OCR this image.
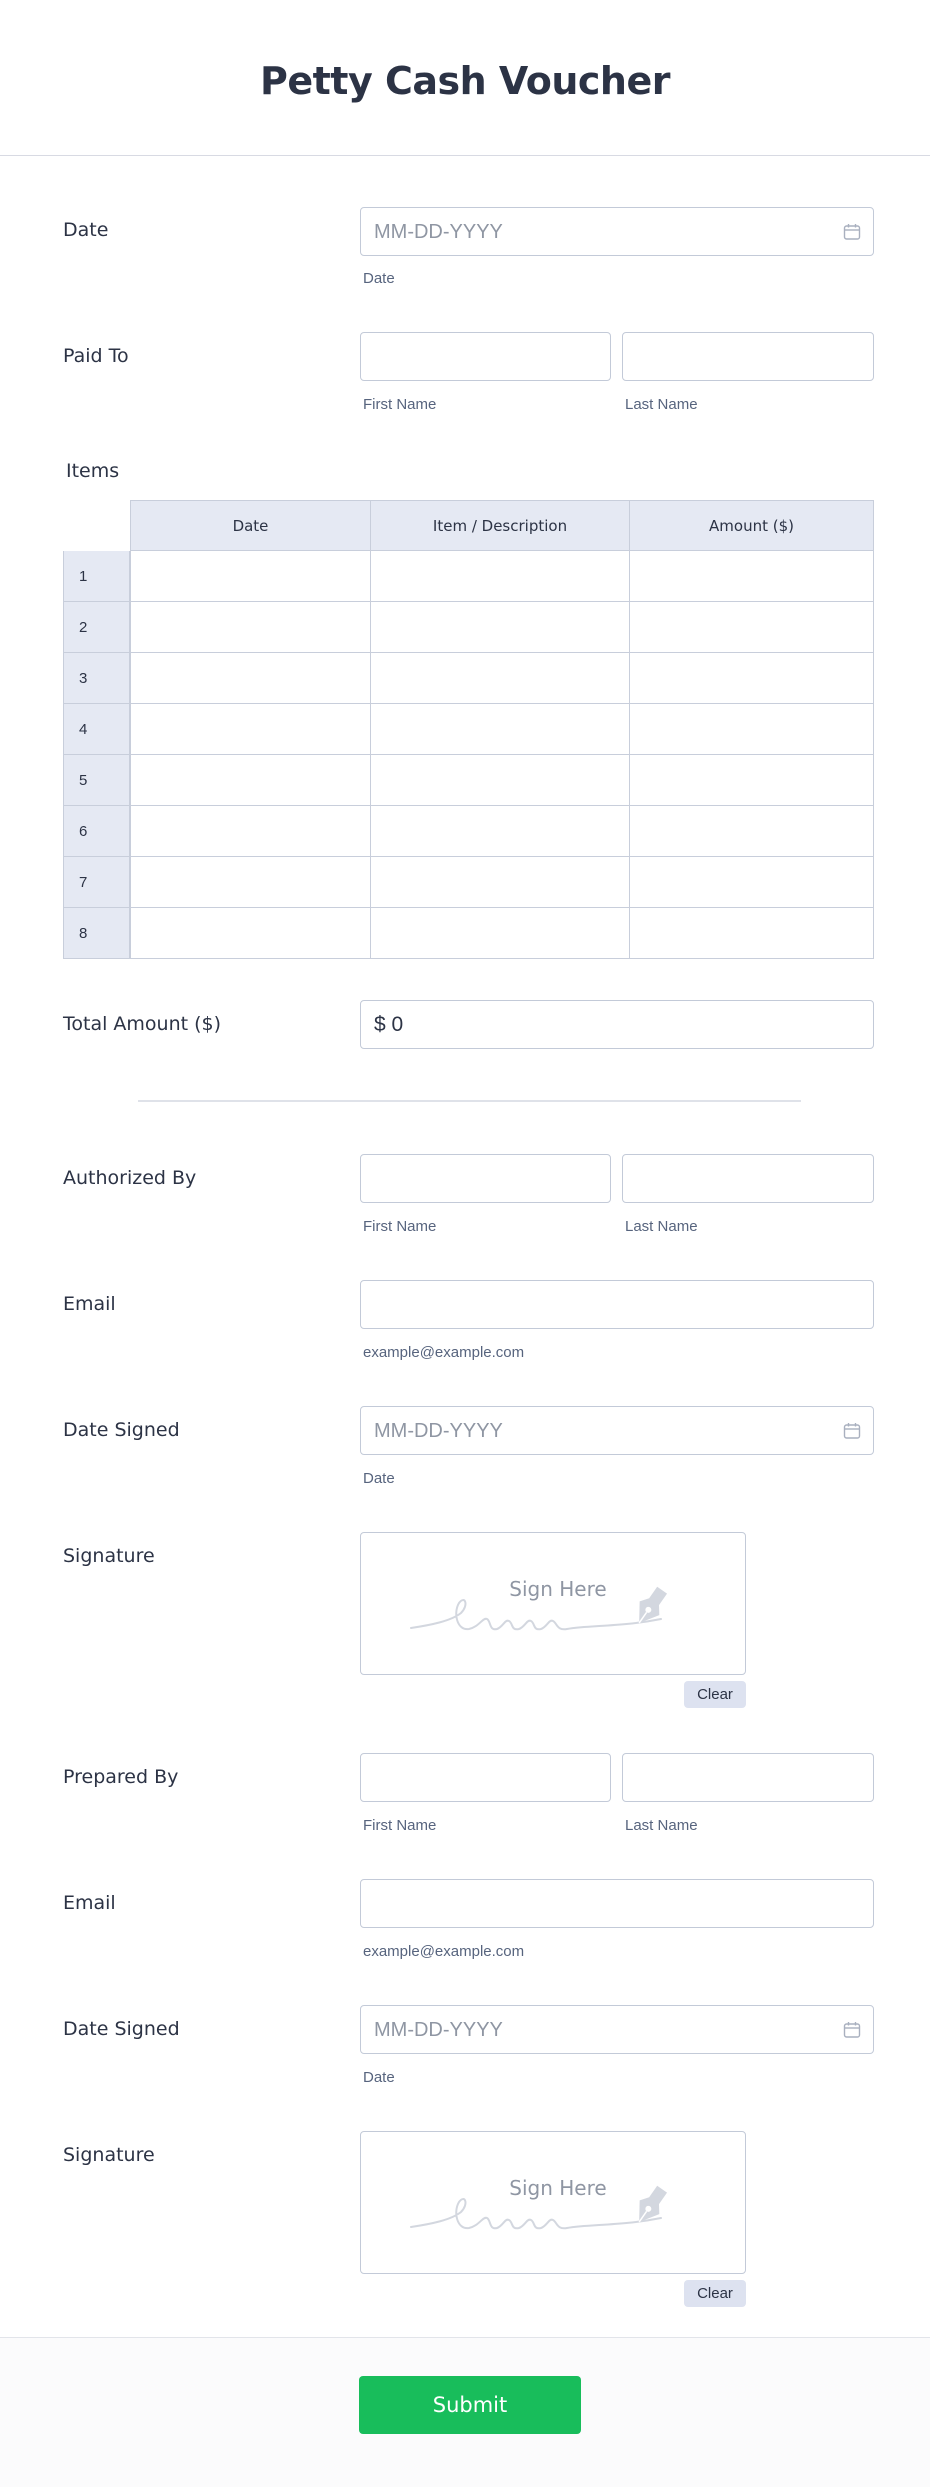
Petty Cash Voucher
Date	MM-DD-YYYY
Date
Paid To
First Name	Last Name
Items
Date	Item / Description	Amount ($)
1
2
3
4
5
6
7
8
Total Amount ($)	$ 0
Authorized By
First Name	Last Name
Email
example@example.com
Date Signed	MM-DD-YYYY
Date
Signature
Sign Here
Clear
Prepared By
First Name	Last Name
Email
example@example.com
Date Signed	MM-DD-YYYY
Date
Signature
Sign Here
Clear
Submit
